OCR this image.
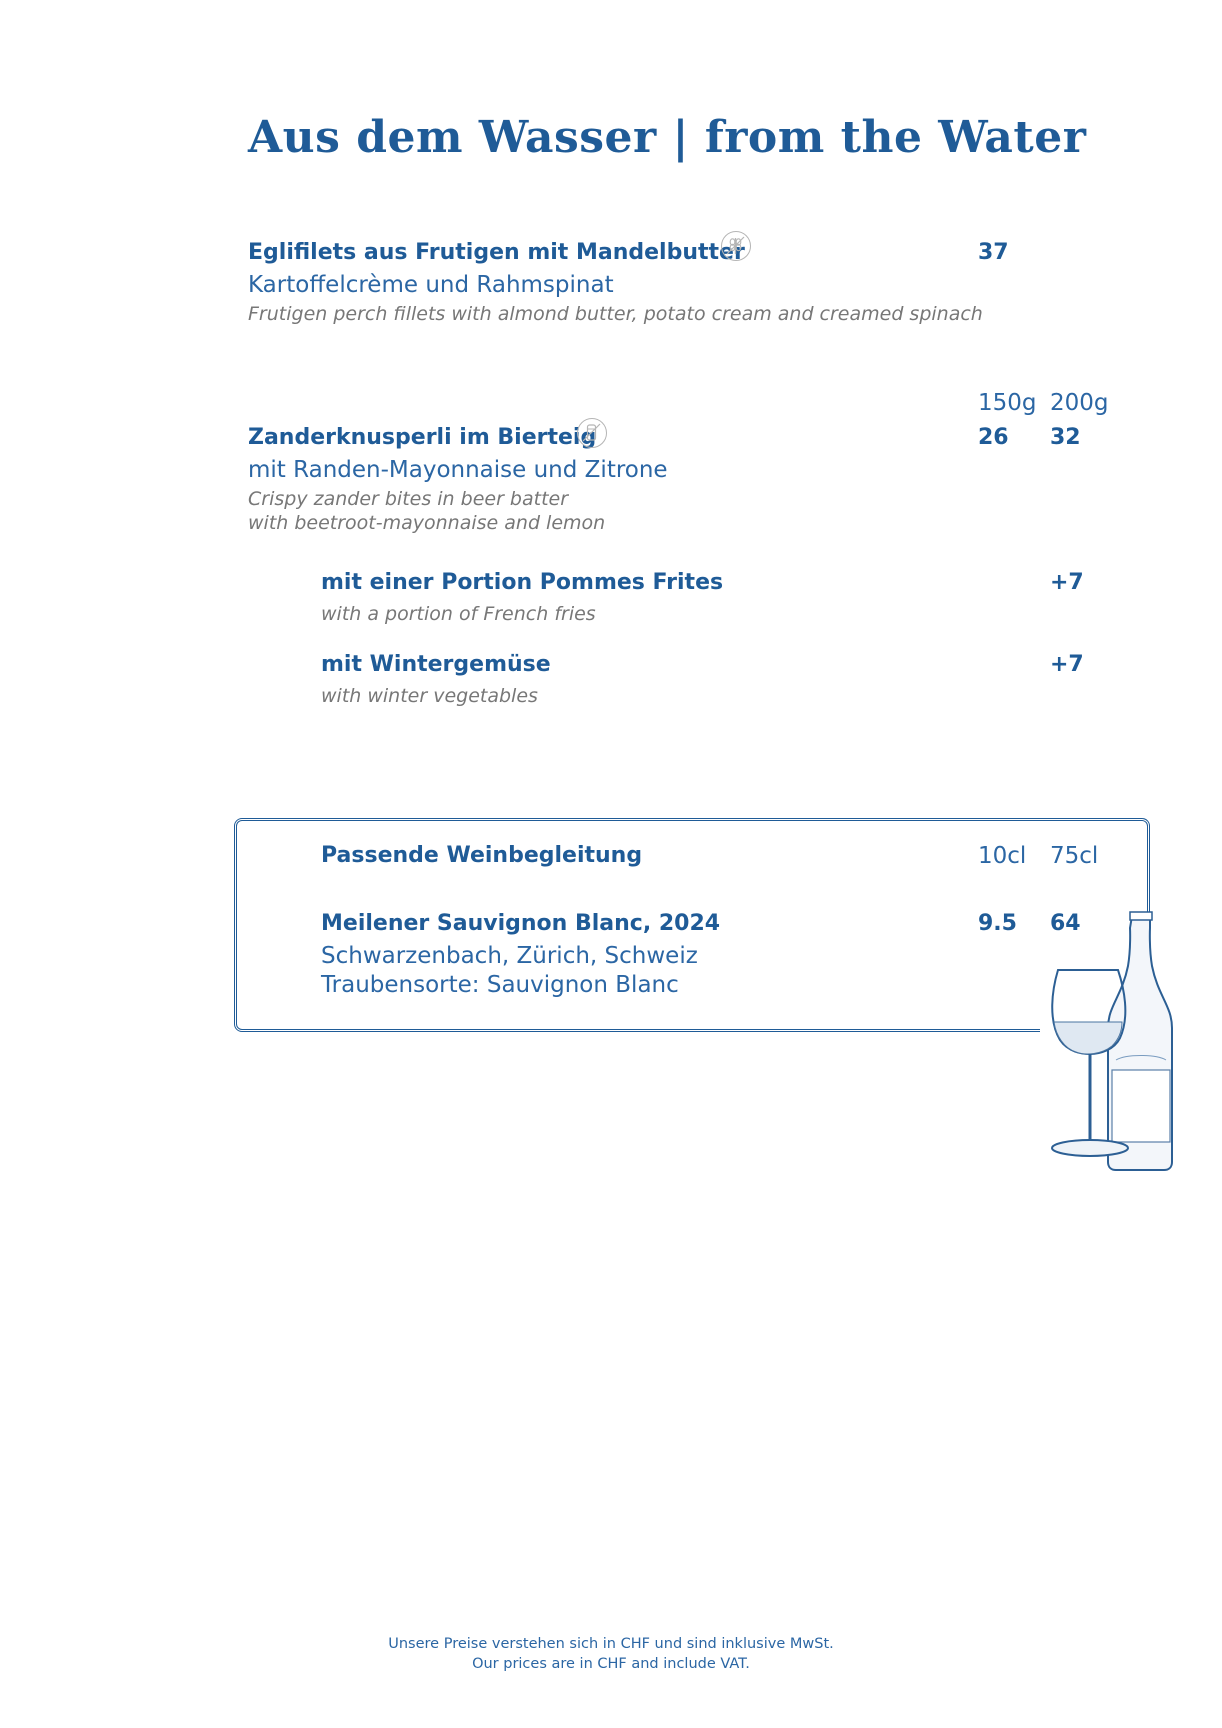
Aus dem Wasser | from the Water
Eglifilets aus Frutigen mit Mandelbutter	37
Kartoffelcrème und Rahmspinat
Frutigen perch fillets with almond butter, potato cream and creamed spinach
150g 200g
Zanderknusperli im Bierteig	26 32
mit Randen-Mayonnaise und Zitrone
Crispy zander bites in beer batter
with beetroot-mayonnaise and lemon
mit einer Portion Pommes Frites	+7
with a portion of French fries
mit Wintergemüse	+7
with winter vegetables
Passende Weinbegleitung	10cl 75cl
Meilener Sauvignon Blanc, 2024	9.5 64
Schwarzenbach, Zürich, Schweiz
Traubensorte: Sauvignon Blanc
Unsere Preise verstehen sich in CHF und sind inklusive MwSt.
Our prices are in CHF and include VAT.
